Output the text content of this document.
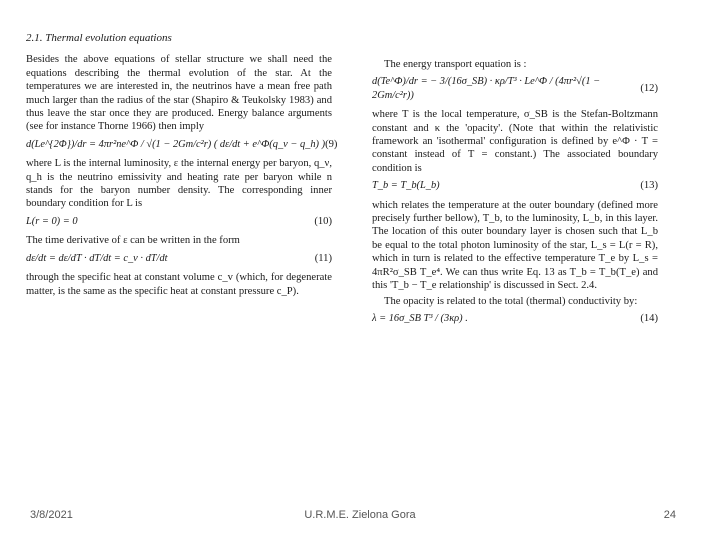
2.1. Thermal evolution equations

Besides the above equations of stellar structure we shall need the equations describing the thermal evolution of the star. At the temperatures we are interested in, the neutrinos have a mean free path much larger than the radius of the star (Shapiro & Teukolsky 1983) and thus leave the star once they are produced. Energy balance arguments (see for instance Thorne 1966) then imply

d(Le^{2Φ})/dr = 4πr²ne^Φ / √(1 − 2Gm/c²r) ( dε/dt + e^Φ(q_ν − q_h) ) (9)

where L is the internal luminosity, ε the internal energy per baryon, q_ν, q_h is the neutrino emissivity and heating rate per baryon while n stands for the baryon number density. The corresponding inner boundary condition for L is

L(r = 0) = 0	(10)

The time derivative of ε can be written in the form

dε/dt = dε/dT · dT/dt = c_v · dT/dt	(11)

through the specific heat at constant volume c_v (which, for degenerate matter, is the same as the specific heat at constant pressure c_P).

The energy transport equation is :

d(Te^Φ)/dr = − 3/(16σ_SB) · κρ/T³ · Le^Φ / (4πr²√(1 − 2Gm/c²r))
(12)

where T is the local temperature, σ_SB is the Stefan-Boltzmann constant and κ the 'opacity'. (Note that within the relativistic framework an 'isothermal' configuration is defined by e^Φ · T = constant instead of T = constant.) The associated boundary condition is

T_b = T_b(L_b)	(13)

which relates the temperature at the outer boundary (defined more precisely further bellow), T_b, to the luminosity, L_b, in this layer. The location of this outer boundary layer is chosen such that L_b be equal to the total photon luminosity of the star, L_s = L(r = R), which in turn is related to the effective temperature T_e by L_s = 4πR²σ_SB T_e⁴. We can thus write Eq. 13 as T_b = T_b(T_e) and this 'T_b − T_e relationship' is discussed in Sect. 2.4.

The opacity is related to the total (thermal) conductivity by:

λ = 16σ_SB T³ / (3κρ) .	(14)
3/8/2021	U.R.M.E. Zielona Gora	24
